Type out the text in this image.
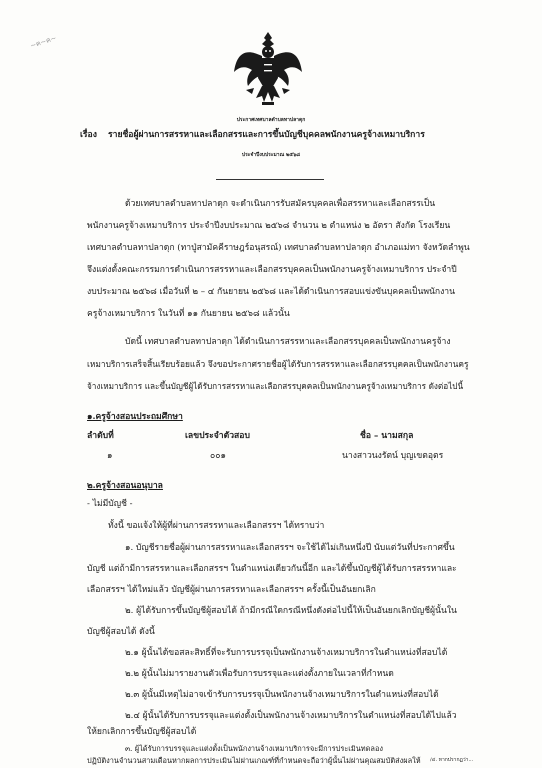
~ฅ~ค~
ประกาศเทศบาลตำบลทาปลาดุก
เรื่อง รายชื่อผู้ผ่านการสรรหาและเลือกสรรและการขึ้นบัญชีบุคคลพนักงานครูจ้างเหมาบริการ
ประจำปีงบประมาณ ๒๕๖๘
ด้วยเทศบาลตำบลทาปลาดุก จะดำเนินการรับสมัครบุคคลเพื่อสรรหาและเลือกสรรเป็น
พนักงานครูจ้างเหมาบริการ ประจำปีงบประมาณ ๒๕๖๘ จำนวน ๒ ตำแหน่ง ๒ อัตรา สังกัด โรงเรียน
เทศบาลตำบลทาปลาดุก (ทาปู่สามัคคีราษฎร์อนุสรณ์) เทศบาลตำบลทาปลาดุก อำเภอแม่ทา จังหวัดลำพูน
จึงแต่งตั้งคณะกรรมการดำเนินการสรรหาและเลือกสรรบุคคลเป็นพนักงานครูจ้างเหมาบริการ ประจำปี
งบประมาณ ๒๕๖๘ เมื่อวันที่ ๒ – ๔ กันยายน ๒๕๖๘ และได้ดำเนินการสอบแข่งขันบุคคลเป็นพนักงาน
ครูจ้างเหมาบริการ ในวันที่ ๑๑ กันยายน ๒๕๖๘ แล้วนั้น
บัดนี้ เทศบาลตำบลทาปลาดุก ได้ดำเนินการสรรหาและเลือกสรรบุคคลเป็นพนักงานครูจ้าง
เหมาบริการเสร็จสิ้นเรียบร้อยแล้ว จึงขอประกาศรายชื่อผู้ได้รับการสรรหาและเลือกสรรบุคคลเป็นพนักงานครู
จ้างเหมาบริการ และขึ้นบัญชีผู้ได้รับการสรรหาและเลือกสรรบุคคลเป็นพนักงานครูจ้างเหมาบริการ ดังต่อไปนี้
๑.ครูจ้างสอนประถมศึกษา
ลำดับที่	เลขประจำตัวสอบ	ชื่อ – นามสกุล
๑	๐๐๑	นางสาวนงรัตน์ บุญเขตอุตร
๒.ครูจ้างสอนอนุบาล
- ไม่มีบัญชี -
ทั้งนี้ ขอแจ้งให้ผู้ที่ผ่านการสรรหาและเลือกสรรฯ ได้ทราบว่า
๑. บัญชีรายชื่อผู้ผ่านการสรรหาและเลือกสรรฯ จะใช้ได้ไม่เกินหนึ่งปี นับแต่วันที่ประกาศขึ้น
บัญชี แต่ถ้ามีการสรรหาและเลือกสรรฯ ในตำแหน่งเดียวกันนี้อีก และได้ขึ้นบัญชีผู้ได้รับการสรรหาและ
เลือกสรรฯ ได้ใหม่แล้ว บัญชีผู้ผ่านการสรรหาและเลือกสรรฯ ครั้งนี้เป็นอันยกเลิก
๒. ผู้ได้รับการขึ้นบัญชีผู้สอบได้ ถ้ามีกรณีใดกรณีหนึ่งดังต่อไปนี้ให้เป็นอันยกเลิกบัญชีผู้นั้นใน
บัญชีผู้สอบได้ ดังนี้
๒.๑ ผู้นั้นได้ขอสละสิทธิ์ที่จะรับการบรรจุเป็นพนักงานจ้างเหมาบริการในตำแหน่งที่สอบได้
๒.๒ ผู้นั้นไม่มารายงานตัวเพื่อรับการบรรจุและแต่งตั้งภายในเวลาที่กำหนด
๒.๓ ผู้นั้นมีเหตุไม่อาจเข้ารับการบรรจุเป็นพนักงานจ้างเหมาบริการในตำแหน่งที่สอบได้
๒.๔ ผู้นั้นได้รับการบรรจุและแต่งตั้งเป็นพนักงานจ้างเหมาบริการในตำแหน่งที่สอบได้ไปแล้ว
ให้ยกเลิกการขึ้นบัญชีผู้สอบได้
๓. ผู้ได้รับการบรรจุและแต่งตั้งเป็นพนักงานจ้างเหมาบริการจะมีการประเมินทดลอง
ปฏิบัติงานจำนวนสามเดือนหากผลการประเมินไม่ผ่านเกณฑ์ที่กำหนดจะถือว่าผู้นั้นไม่ผ่านคุณสมบัติส่งผลให้ /๔. หากปรากฏว่า...
